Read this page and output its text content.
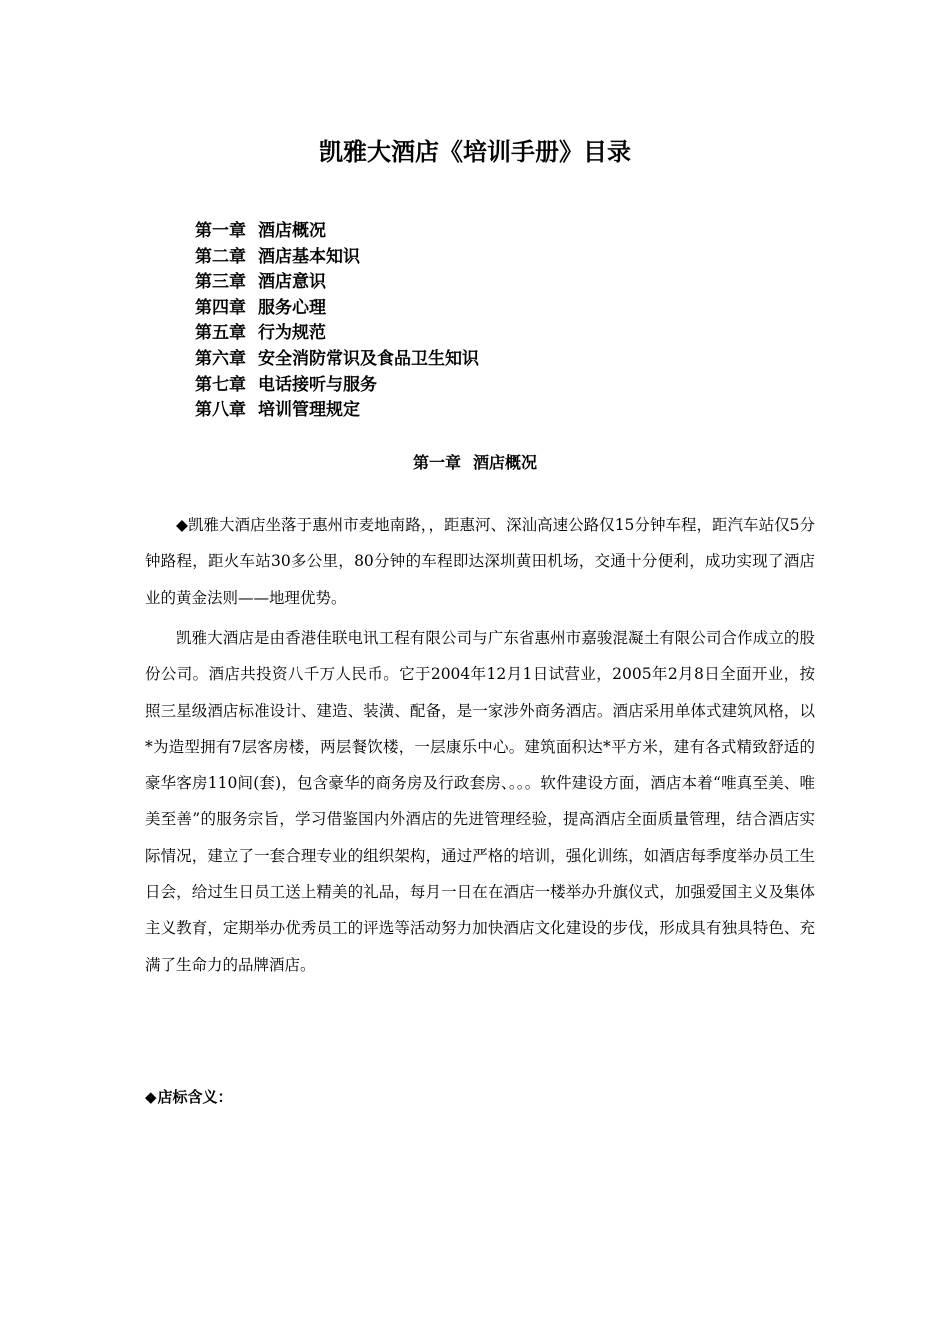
凯雅大酒店《培训手册》目录
第一章 酒店概况
第二章 酒店基本知识
第三章 酒店意识
第四章 服务心理
第五章 行为规范
第六章 安全消防常识及食品卫生知识
第七章 电话接听与服务
第八章 培训管理规定
第一章 酒店概况

◆凯雅大酒店坐落于惠州市麦地南路，，距惠河、深汕高速公路仅15分钟车程，距汽车站仅5分钟路程，距火车站30多公里，80分钟的车程即达深圳黄田机场，交通十分便利，成功实现了酒店业的黄金法则——地理优势。

凯雅大酒店是由香港佳联电讯工程有限公司与广东省惠州市嘉骏混凝土有限公司合作成立的股份公司。酒店共投资八千万人民币。它于2004年12月1日试营业，2005年2月8日全面开业，按照三星级酒店标准设计、建造、装潢、配备，是一家涉外商务酒店。酒店采用单体式建筑风格，以*为造型拥有7层客房楼，两层餐饮楼，一层康乐中心。建筑面积达*平方米，建有各式精致舒适的豪华客房110间(套)，包含豪华的商务房及行政套房、。。。软件建设方面，酒店本着“唯真至美、唯美至善”的服务宗旨，学习借鉴国内外酒店的先进管理经验，提高酒店全面质量管理，结合酒店实际情况，建立了一套合理专业的组织架构，通过严格的培训，强化训练，如酒店每季度举办员工生日会，给过生日员工送上精美的礼品，每月一日在在酒店一楼举办升旗仪式，加强爱国主义及集体主义教育，定期举办优秀员工的评选等活动努力加快酒店文化建设的步伐，形成具有独具特色、充满了生命力的品牌酒店。

◆店标含义：
